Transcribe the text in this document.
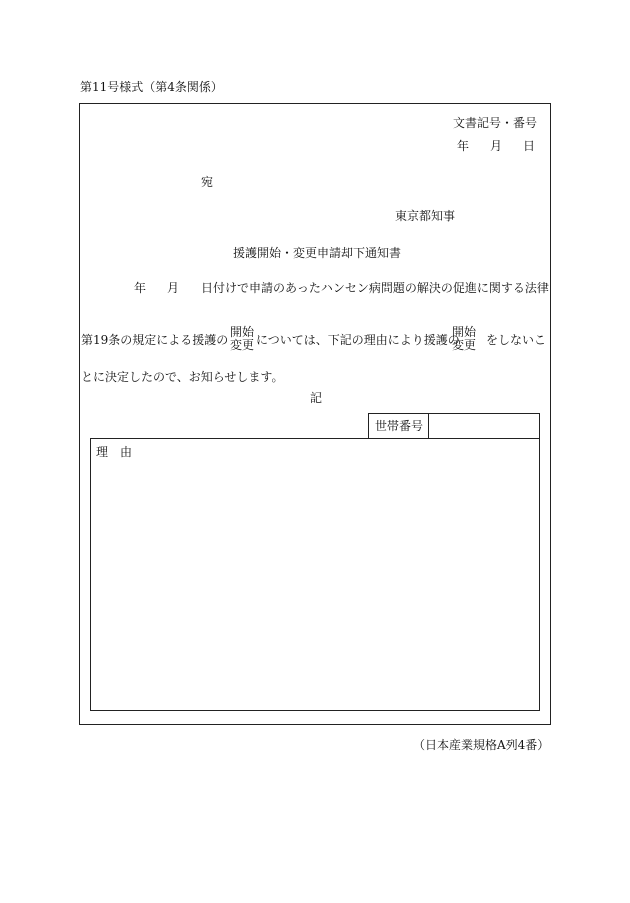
第11号様式（第4条関係）
文書記号・番号
年 月 日
宛
東京都知事
援護開始・変更申請却下通知書
年 月 日付けで申請のあったハンセン病問題の解決の促進に関する法律
第19条の規定による援護の
開始
変更 については、下記の理由により援護の
開始
変更 をしないこ
とに決定したので、お知らせします。
記
世帯番号
理　由
（日本産業規格A列4番）
